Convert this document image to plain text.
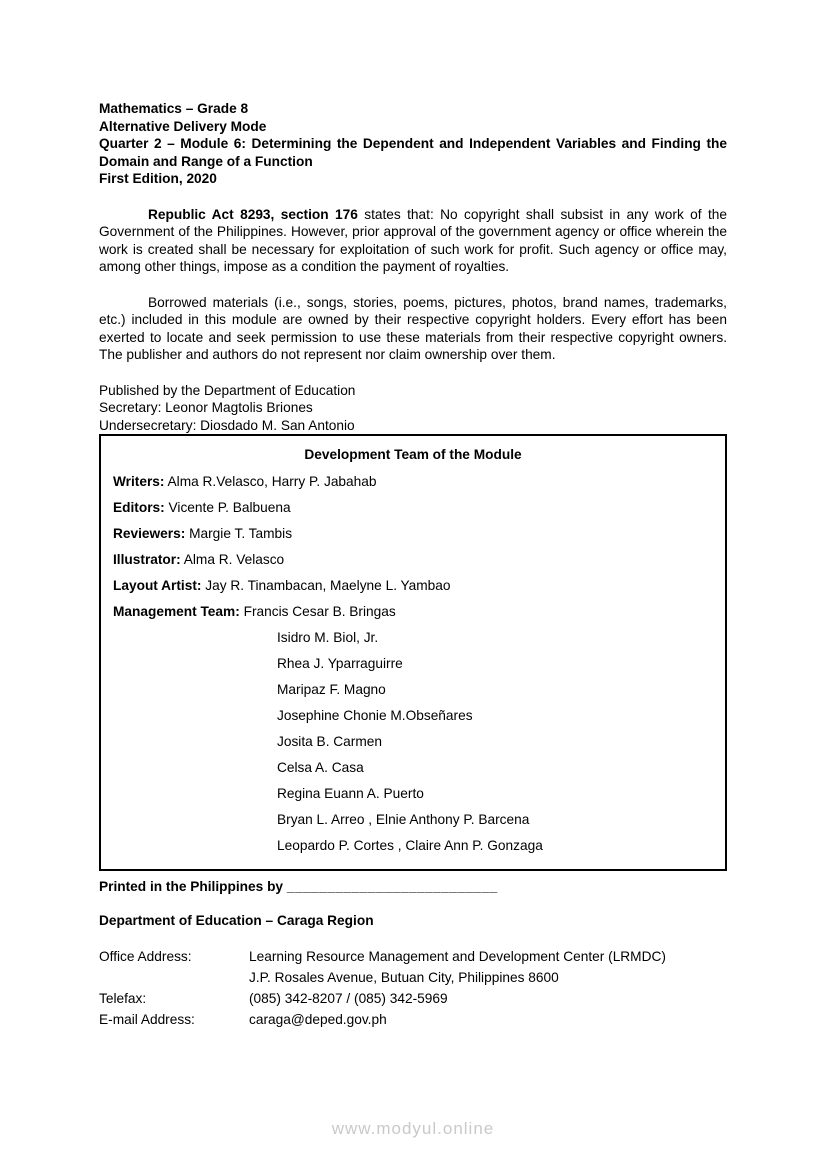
Mathematics – Grade 8

Alternative Delivery Mode

Quarter 2 – Module 6: Determining the Dependent and Independent Variables and Finding the Domain and Range of a Function

First Edition, 2020

Republic Act 8293, section 176 states that: No copyright shall subsist in any work of the Government of the Philippines. However, prior approval of the government agency or office wherein the work is created shall be necessary for exploitation of such work for profit. Such agency or office may, among other things, impose as a condition the payment of royalties.

Borrowed materials (i.e., songs, stories, poems, pictures, photos, brand names, trademarks, etc.) included in this module are owned by their respective copyright holders. Every effort has been exerted to locate and seek permission to use these materials from their respective copyright owners. The publisher and authors do not represent nor claim ownership over them.

Published by the Department of Education

Secretary: Leonor Magtolis Briones

Undersecretary: Diosdado M. San Antonio

Development Team of the Module

Writers: Alma R.Velasco, Harry P. Jabahab

Editors: Vicente P. Balbuena

Reviewers: Margie T. Tambis

Illustrator: Alma R. Velasco

Layout Artist: Jay R. Tinambacan, Maelyne L. Yambao

Management Team: Francis Cesar B. Bringas

Isidro M. Biol, Jr.

Rhea J. Yparraguirre

Maripaz F. Magno

Josephine Chonie M.Obseñares

Josita B. Carmen

Celsa A. Casa

Regina Euann A. Puerto

Bryan L. Arreo , Elnie Anthony P. Barcena

Leopardo P. Cortes , Claire Ann P. Gonzaga

Printed in the Philippines by __________________________

Department of Education – Caraga Region

Office Address:	Learning Resource Management and Development Center (LRMDC)
J.P. Rosales Avenue, Butuan City, Philippines 8600
Telefax:	(085) 342-8207 / (085) 342-5969
E-mail Address:	caraga@deped.gov.ph
www.modyul.online
